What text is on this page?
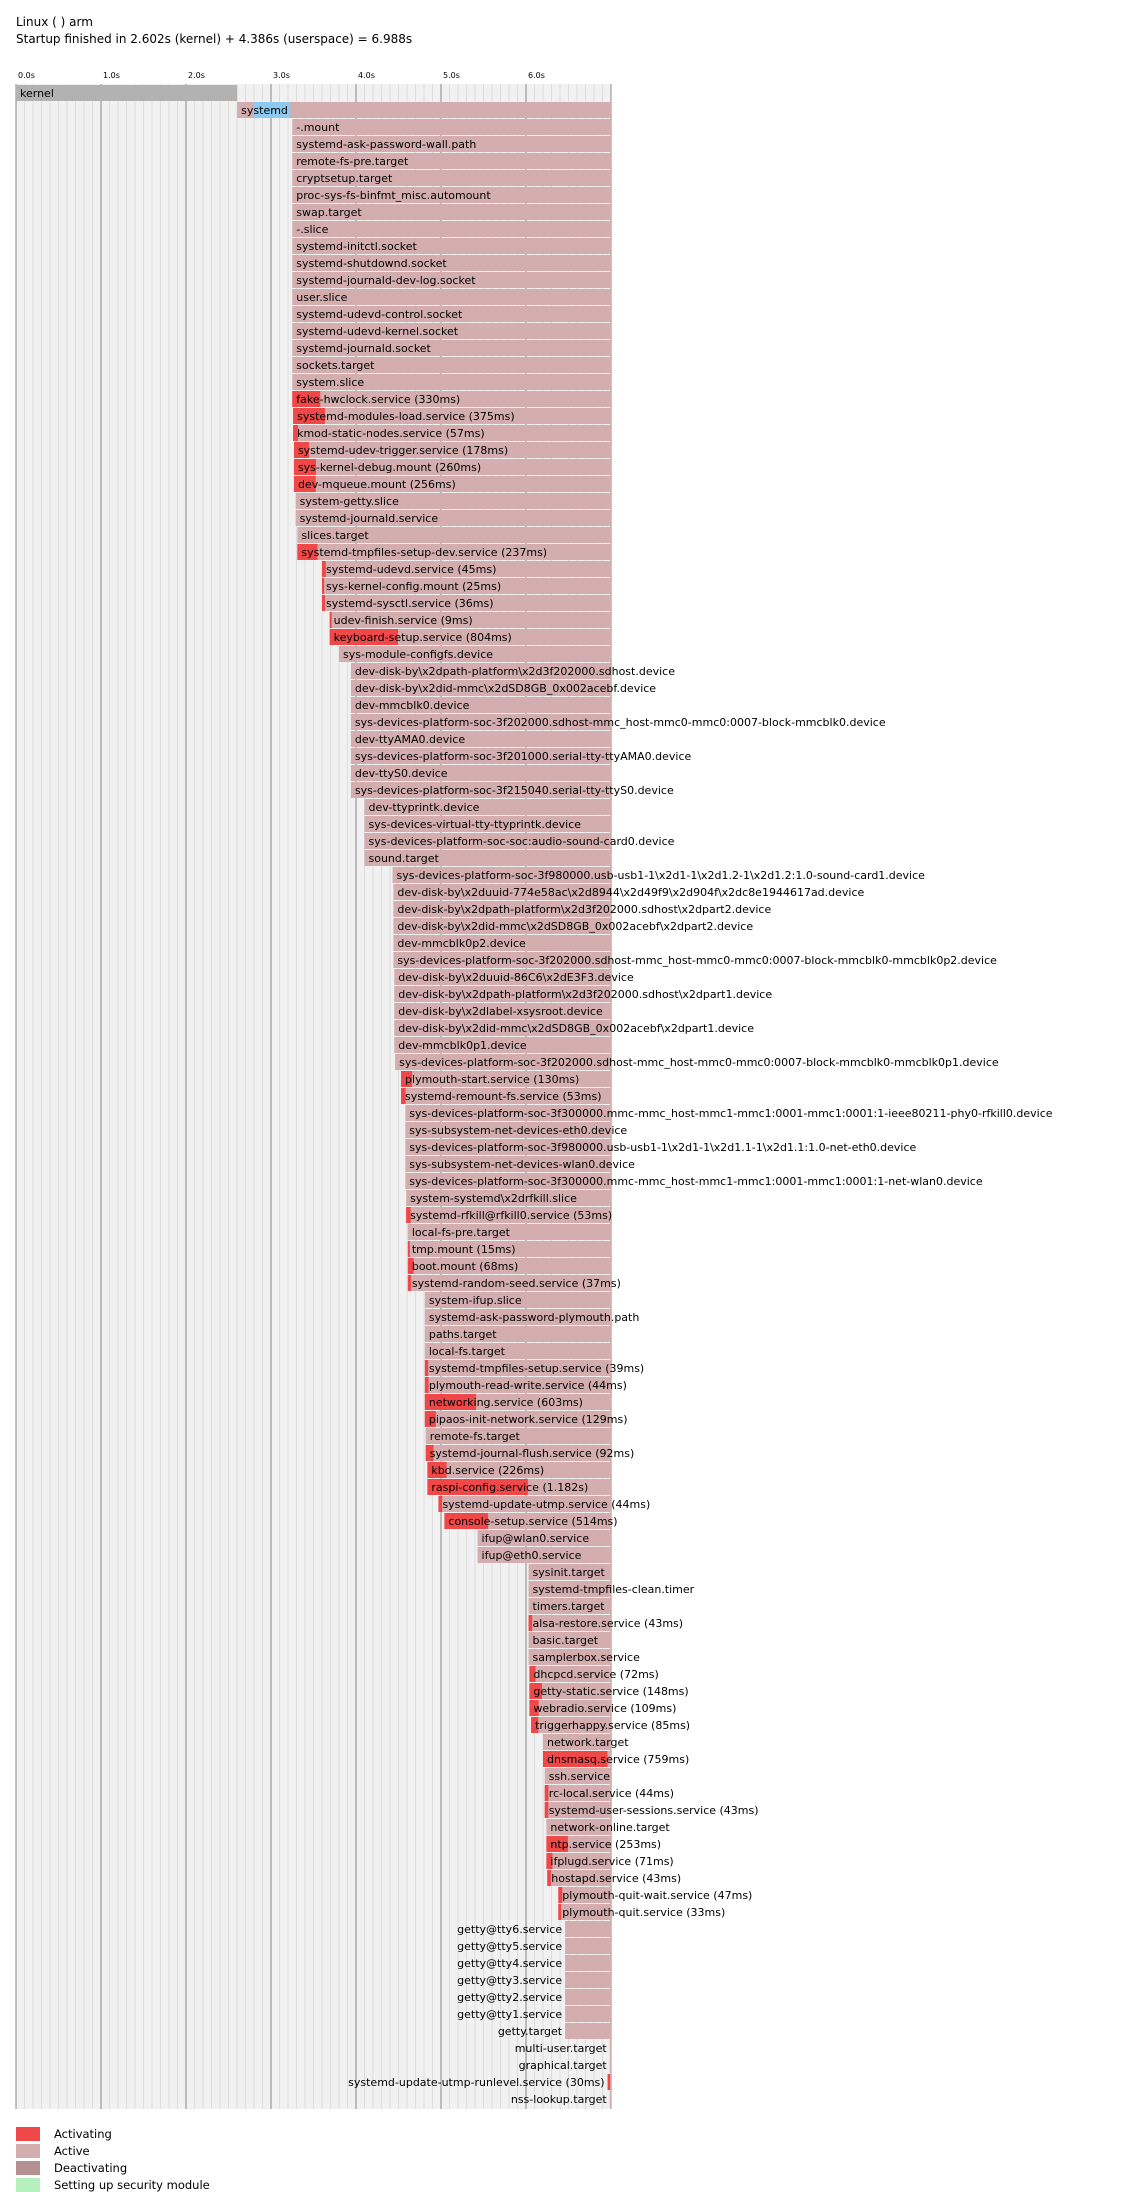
Linux ( ) arm
Startup finished in 2.602s (kernel) + 4.386s (userspace) = 6.988s
0.0s	1.0s	2.0s	3.0s	4.0s	5.0s	6.0s
kernel
systemd
-.mount
systemd-ask-password-wall.path
remote-fs-pre.target
cryptsetup.target
proc-sys-fs-binfmt_misc.automount
swap.target
-.slice
systemd-initctl.socket
systemd-shutdownd.socket
systemd-journald-dev-log.socket
user.slice
systemd-udevd-control.socket
systemd-udevd-kernel.socket
systemd-journald.socket
sockets.target
system.slice
fake-hwclock.service (330ms)
systemd-modules-load.service (375ms)
kmod-static-nodes.service (57ms)
systemd-udev-trigger.service (178ms)
sys-kernel-debug.mount (260ms)
dev-mqueue.mount (256ms)
system-getty.slice
systemd-journald.service
slices.target
systemd-tmpfiles-setup-dev.service (237ms)
systemd-udevd.service (45ms)
sys-kernel-config.mount (25ms)
systemd-sysctl.service (36ms)
udev-finish.service (9ms)
keyboard-setup.service (804ms)
sys-module-configfs.device
dev-disk-by\x2dpath-platform\x2d3f202000.sdhost.device
dev-disk-by\x2did-mmc\x2dSD8GB_0x002acebf.device
dev-mmcblk0.device
sys-devices-platform-soc-3f202000.sdhost-mmc_host-mmc0-mmc0:0007-block-mmcblk0.device
dev-ttyAMA0.device
sys-devices-platform-soc-3f201000.serial-tty-ttyAMA0.device
dev-ttyS0.device
sys-devices-platform-soc-3f215040.serial-tty-ttyS0.device
dev-ttyprintk.device
sys-devices-virtual-tty-ttyprintk.device
sys-devices-platform-soc-soc:audio-sound-card0.device
sound.target
sys-devices-platform-soc-3f980000.usb-usb1-1\x2d1-1\x2d1.2-1\x2d1.2:1.0-sound-card1.device
dev-disk-by\x2duuid-774e58ac\x2d8944\x2d49f9\x2d904f\x2dc8e1944617ad.device
dev-disk-by\x2dpath-platform\x2d3f202000.sdhost\x2dpart2.device
dev-disk-by\x2did-mmc\x2dSD8GB_0x002acebf\x2dpart2.device
dev-mmcblk0p2.device
sys-devices-platform-soc-3f202000.sdhost-mmc_host-mmc0-mmc0:0007-block-mmcblk0-mmcblk0p2.device
dev-disk-by\x2duuid-86C6\x2dE3F3.device
dev-disk-by\x2dpath-platform\x2d3f202000.sdhost\x2dpart1.device
dev-disk-by\x2dlabel-xsysroot.device
dev-disk-by\x2did-mmc\x2dSD8GB_0x002acebf\x2dpart1.device
dev-mmcblk0p1.device
sys-devices-platform-soc-3f202000.sdhost-mmc_host-mmc0-mmc0:0007-block-mmcblk0-mmcblk0p1.device
plymouth-start.service (130ms)
systemd-remount-fs.service (53ms)
sys-devices-platform-soc-3f300000.mmc-mmc_host-mmc1-mmc1:0001-mmc1:0001:1-ieee80211-phy0-rfkill0.device
sys-subsystem-net-devices-eth0.device
sys-devices-platform-soc-3f980000.usb-usb1-1\x2d1-1\x2d1.1-1\x2d1.1:1.0-net-eth0.device
sys-subsystem-net-devices-wlan0.device
sys-devices-platform-soc-3f300000.mmc-mmc_host-mmc1-mmc1:0001-mmc1:0001:1-net-wlan0.device
system-systemd\x2drfkill.slice
systemd-rfkill@rfkill0.service (53ms)
local-fs-pre.target
tmp.mount (15ms)
boot.mount (68ms)
systemd-random-seed.service (37ms)
system-ifup.slice
systemd-ask-password-plymouth.path
paths.target
local-fs.target
systemd-tmpfiles-setup.service (39ms)
plymouth-read-write.service (44ms)
networking.service (603ms)
pipaos-init-network.service (129ms)
remote-fs.target
systemd-journal-flush.service (92ms)
kbd.service (226ms)
raspi-config.service (1.182s)
systemd-update-utmp.service (44ms)
console-setup.service (514ms)
ifup@wlan0.service
ifup@eth0.service
sysinit.target
systemd-tmpfiles-clean.timer
timers.target
alsa-restore.service (43ms)
basic.target
samplerbox.service
dhcpcd.service (72ms)
getty-static.service (148ms)
webradio.service (109ms)
triggerhappy.service (85ms)
network.target
dnsmasq.service (759ms)
ssh.service
rc-local.service (44ms)
systemd-user-sessions.service (43ms)
network-online.target
ntp.service (253ms)
ifplugd.service (71ms)
hostapd.service (43ms)
plymouth-quit-wait.service (47ms)
plymouth-quit.service (33ms)
getty@tty6.service
getty@tty5.service
getty@tty4.service
getty@tty3.service
getty@tty2.service
getty@tty1.service
getty.target
multi-user.target
graphical.target
systemd-update-utmp-runlevel.service (30ms)
nss-lookup.target
Activating
Active
Deactivating
Setting up security module
